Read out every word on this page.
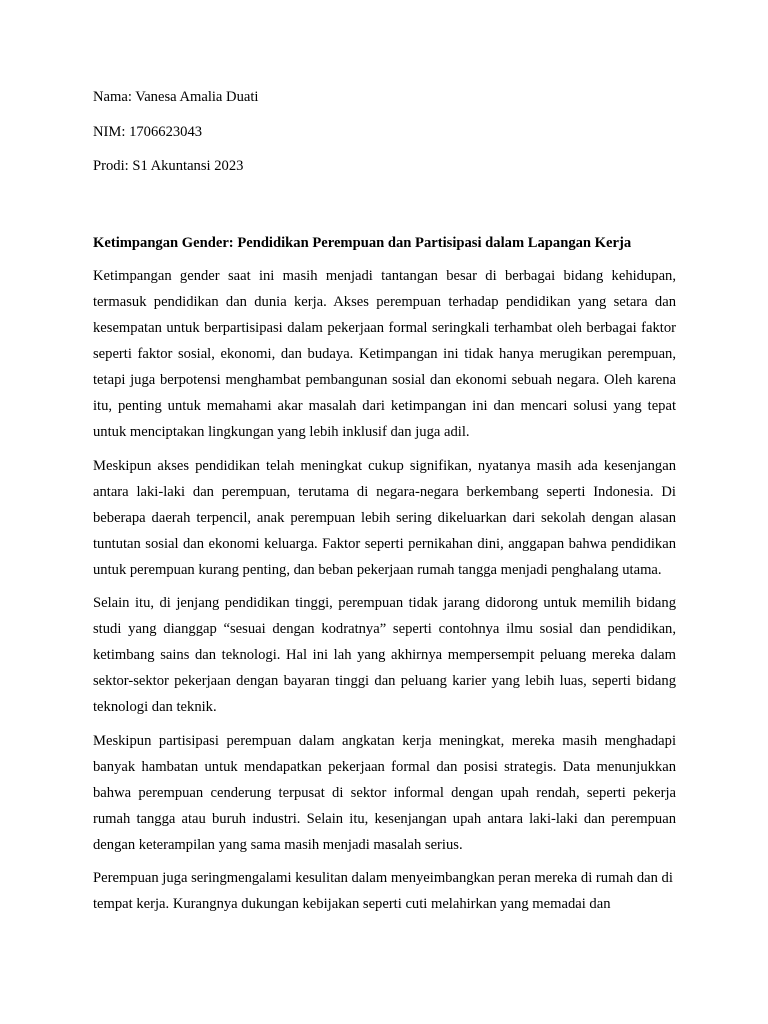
Nama: Vanesa Amalia Duati

NIM: 1706623043

Prodi: S1 Akuntansi 2023

Ketimpangan Gender: Pendidikan Perempuan dan Partisipasi dalam Lapangan Kerja

Ketimpangan gender saat ini masih menjadi tantangan besar di berbagai bidang kehidupan, termasuk pendidikan dan dunia kerja. Akses perempuan terhadap pendidikan yang setara dan kesempatan untuk berpartisipasi dalam pekerjaan formal seringkali terhambat oleh berbagai faktor seperti faktor sosial, ekonomi, dan budaya. Ketimpangan ini tidak hanya merugikan perempuan, tetapi juga berpotensi menghambat pembangunan sosial dan ekonomi sebuah negara. Oleh karena itu, penting untuk memahami akar masalah dari ketimpangan ini dan mencari solusi yang tepat untuk menciptakan lingkungan yang lebih inklusif dan juga adil.

Meskipun akses pendidikan telah meningkat cukup signifikan, nyatanya masih ada kesenjangan antara laki-laki dan perempuan, terutama di negara-negara berkembang seperti Indonesia. Di beberapa daerah terpencil, anak perempuan lebih sering dikeluarkan dari sekolah dengan alasan tuntutan sosial dan ekonomi keluarga. Faktor seperti pernikahan dini, anggapan bahwa pendidikan untuk perempuan kurang penting, dan beban pekerjaan rumah tangga menjadi penghalang utama.

Selain itu, di jenjang pendidikan tinggi, perempuan tidak jarang didorong untuk memilih bidang studi yang dianggap “sesuai dengan kodratnya” seperti contohnya ilmu sosial dan pendidikan, ketimbang sains dan teknologi. Hal ini lah yang akhirnya mempersempit peluang mereka dalam sektor-sektor pekerjaan dengan bayaran tinggi dan peluang karier yang lebih luas, seperti bidang teknologi dan teknik.

Meskipun partisipasi perempuan dalam angkatan kerja meningkat, mereka masih menghadapi banyak hambatan untuk mendapatkan pekerjaan formal dan posisi strategis. Data menunjukkan bahwa perempuan cenderung terpusat di sektor informal dengan upah rendah, seperti pekerja rumah tangga atau buruh industri. Selain itu, kesenjangan upah antara laki-laki dan perempuan dengan keterampilan yang sama masih menjadi masalah serius.

Perempuan juga seringmengalami kesulitan dalam menyeimbangkan peran mereka di rumah dan di tempat kerja. Kurangnya dukungan kebijakan seperti cuti melahirkan yang memadai dan
